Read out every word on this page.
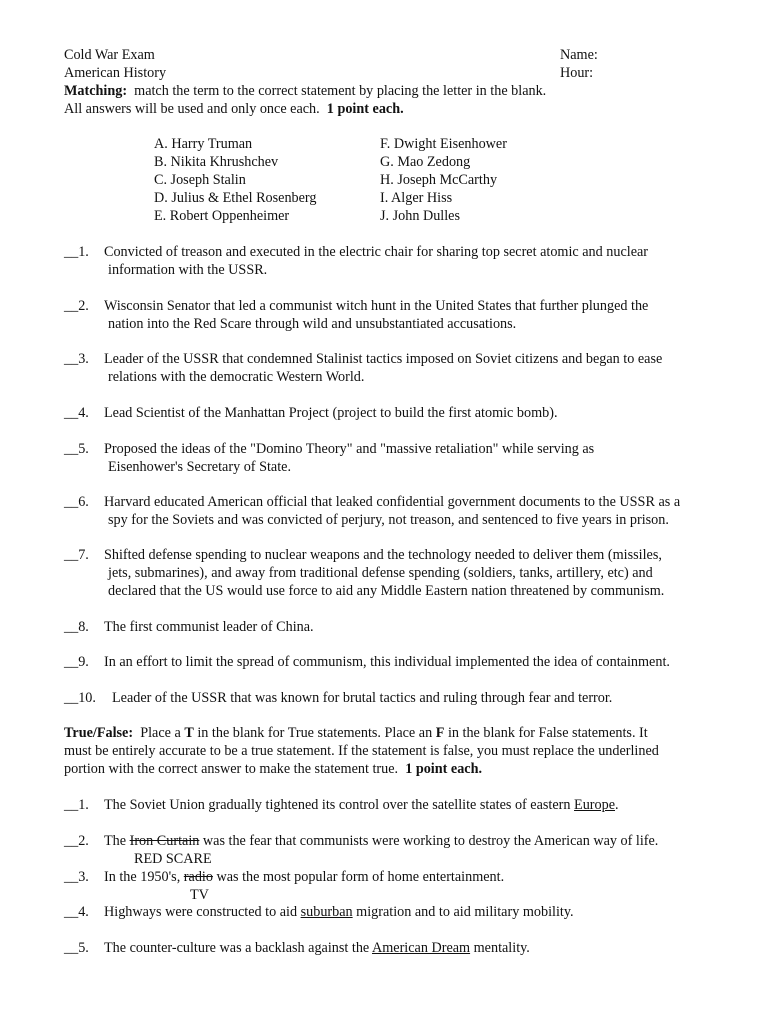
Cold War Exam
American History
Name:
Hour:
Matching: match the term to the correct statement by placing the letter in the blank.
All answers will be used and only once each. 1 point each.
A. Harry Truman
B. Nikita Khrushchev
C. Joseph Stalin
D. Julius & Ethel Rosenberg
E. Robert Oppenheimer
F. Dwight Eisenhower
G. Mao Zedong
H. Joseph McCarthy
I. Alger Hiss
J. John Dulles
__1. Convicted of treason and executed in the electric chair for sharing top secret atomic and nuclear
information with the USSR.
__2. Wisconsin Senator that led a communist witch hunt in the United States that further plunged the
nation into the Red Scare through wild and unsubstantiated accusations.
__3. Leader of the USSR that condemned Stalinist tactics imposed on Soviet citizens and began to ease
relations with the democratic Western World.
__4. Lead Scientist of the Manhattan Project (project to build the first atomic bomb).
__5. Proposed the ideas of the "Domino Theory" and "massive retaliation" while serving as
Eisenhower's Secretary of State.
__6. Harvard educated American official that leaked confidential government documents to the USSR as a
spy for the Soviets and was convicted of perjury, not treason, and sentenced to five years in prison.
__7. Shifted defense spending to nuclear weapons and the technology needed to deliver them (missiles,
jets, submarines), and away from traditional defense spending (soldiers, tanks, artillery, etc) and
declared that the US would use force to aid any Middle Eastern nation threatened by communism.
__8. The first communist leader of China.
__9. In an effort to limit the spread of communism, this individual implemented the idea of containment.
__10. Leader of the USSR that was known for brutal tactics and ruling through fear and terror.
True/False: Place a T in the blank for True statements. Place an F in the blank for False statements. It
must be entirely accurate to be a true statement. If the statement is false, you must replace the underlined
portion with the correct answer to make the statement true. 1 point each.
__1. The Soviet Union gradually tightened its control over the satellite states of eastern Europe.
__2. The Iron Curtain was the fear that communists were working to destroy the American way of life.
RED SCARE
__3. In the 1950's, radio was the most popular form of home entertainment.
TV
__4. Highways were constructed to aid suburban migration and to aid military mobility.
__5. The counter-culture was a backlash against the American Dream mentality.
